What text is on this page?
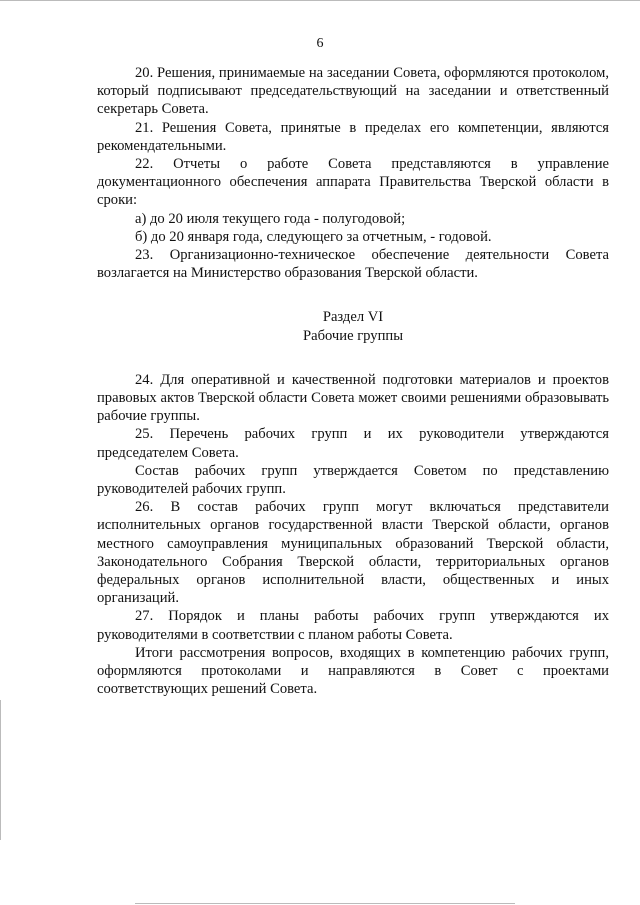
6

20. Решения, принимаемые на заседании Совета, оформляются протоколом, который подписывают председательствующий на заседании и ответственный секретарь Совета.

21. Решения Совета, принятые в пределах его компетенции, являются рекомендательными.

22. Отчеты о работе Совета представляются в управление документационного обеспечения аппарата Правительства Тверской области в сроки:

а) до 20 июля текущего года - полугодовой;

б) до 20 января года, следующего за отчетным, - годовой.

23. Организационно-техническое обеспечение деятельности Совета возлагается на Министерство образования Тверской области.

Раздел VI

Рабочие группы

24. Для оперативной и качественной подготовки материалов и проектов правовых актов Тверской области Совета может своими решениями образовывать рабочие группы.

25. Перечень рабочих групп и их руководители утверждаются председателем Совета.

Состав рабочих групп утверждается Советом по представлению руководителей рабочих групп.

26. В состав рабочих групп могут включаться представители исполнительных органов государственной власти Тверской области, органов местного самоуправления муниципальных образований Тверской области, Законодательного Собрания Тверской области, территориальных органов федеральных органов исполнительной власти, общественных и иных организаций.

27. Порядок и планы работы рабочих групп утверждаются их руководителями в соответствии с планом работы Совета.

Итоги рассмотрения вопросов, входящих в компетенцию рабочих групп, оформляются протоколами и направляются в Совет с проектами соответствующих решений Совета.
